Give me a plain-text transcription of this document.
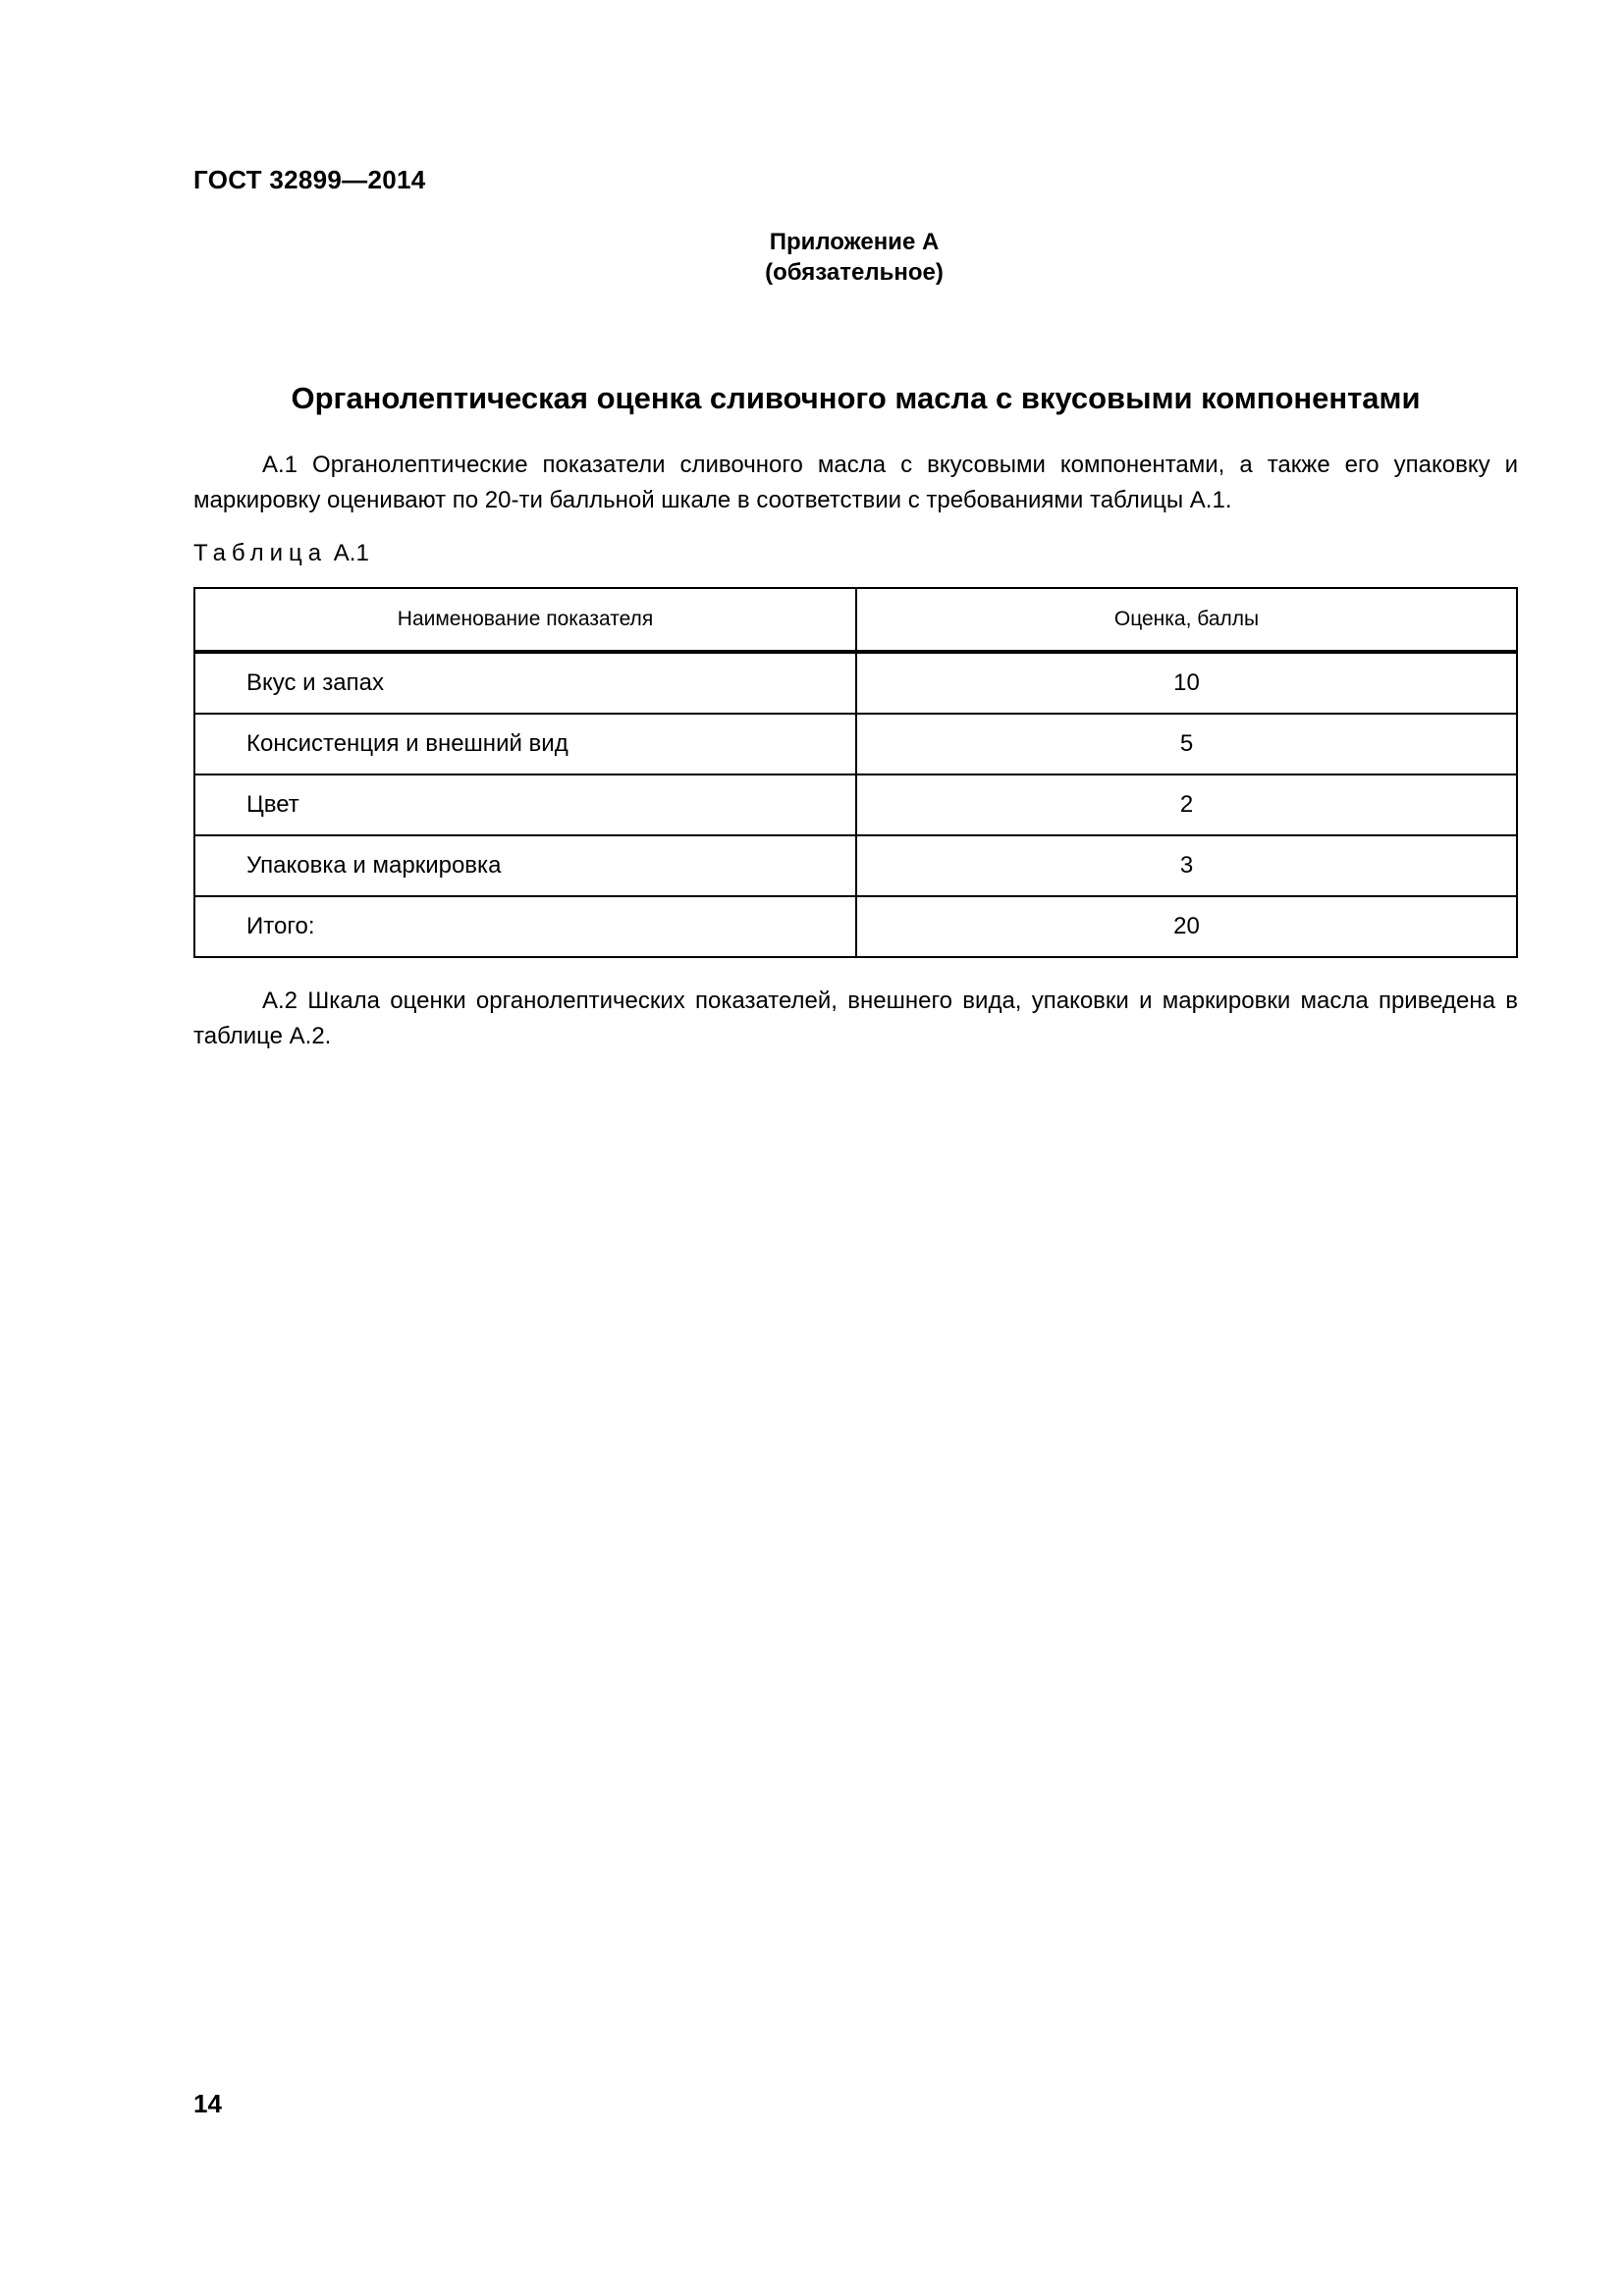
ГОСТ 32899—2014
Приложение А
(обязательное)
Органолептическая оценка сливочного масла с вкусовыми компонентами
А.1 Органолептические показатели сливочного масла с вкусовыми компонентами, а также его упаковку и маркировку оценивают по 20-ти балльной шкале в соответствии с требованиями таблицы А.1.
Таблица А.1
Наименование показателя	Оценка, баллы
Вкус и запах	10
Консистенция и внешний вид	5
Цвет	2
Упаковка и маркировка	3
Итого:	20
А.2 Шкала оценки органолептических показателей, внешнего вида, упаковки и маркировки масла приведена в таблице А.2.
14
